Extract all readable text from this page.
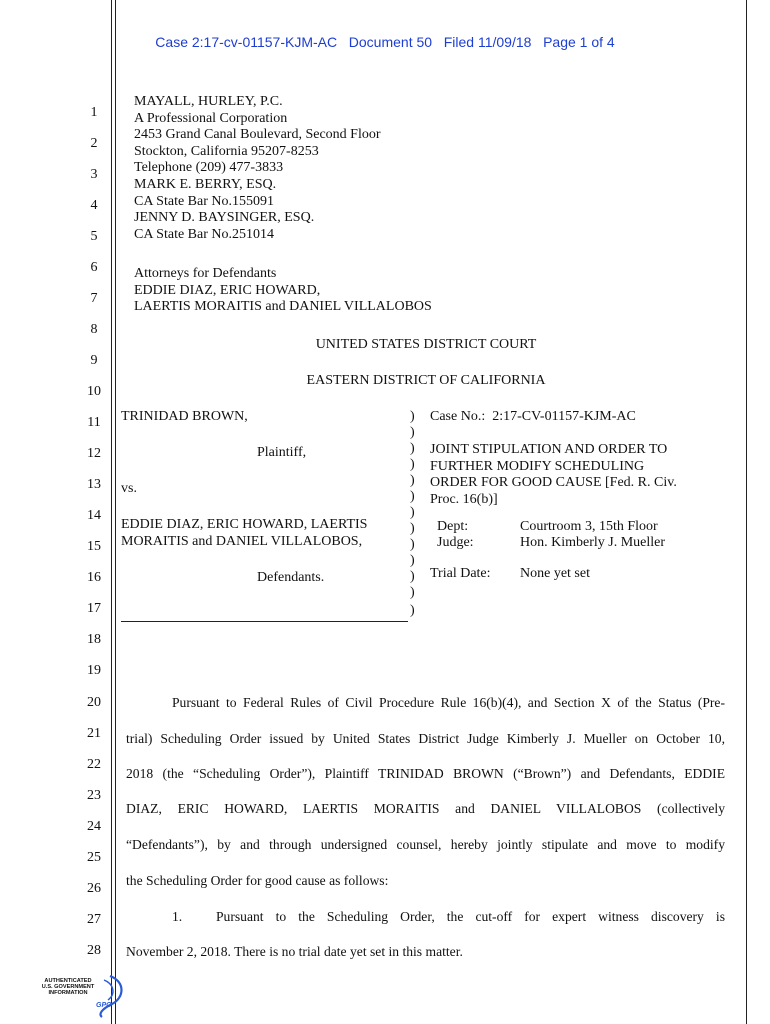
Case 2:17-cv-01157-KJM-AC   Document 50   Filed 11/09/18   Page 1 of 4
1
2
3
4
5
6
7
8
9
10
11
12
13
14
15
16
17
18
19
20
21
22
23
24
25
26
27
28
MAYALL, HURLEY, P.C.
A Professional Corporation
2453 Grand Canal Boulevard, Second Floor
Stockton, California 95207-8253
Telephone (209) 477-3833
MARK E. BERRY, ESQ.
CA State Bar No.155091
JENNY D. BAYSINGER, ESQ.
CA State Bar No.251014
Attorneys for Defendants
EDDIE DIAZ, ERIC HOWARD,
LAERTIS MORAITIS and DANIEL VILLALOBOS
UNITED STATES DISTRICT COURT
EASTERN DISTRICT OF CALIFORNIA
TRINIDAD BROWN,
Plaintiff,
vs.
EDDIE DIAZ, ERIC HOWARD, LAERTIS
MORAITIS and DANIEL VILLALOBOS,
Defendants.
)
)
)
)
)
)
)
)
)
)
)
)
)
Case No.:  2:17-CV-01157-KJM-AC
JOINT STIPULATION AND ORDER TO
FURTHER MODIFY SCHEDULING
ORDER FOR GOOD CAUSE [Fed. R. Civ.
Proc. 16(b)]
Dept:	Courtroom 3, 15th Floor
Judge:	Hon. Kimberly J. Mueller
Trial Date: None yet set
Pursuant to Federal Rules of Civil Procedure Rule 16(b)(4), and Section X of the Status (Pre-
trial) Scheduling Order issued by United States District Judge Kimberly J. Mueller on October 10,
2018 (the “Scheduling Order”), Plaintiff TRINIDAD BROWN (“Brown”) and Defendants, EDDIE
DIAZ, ERIC HOWARD, LAERTIS MORAITIS and DANIEL VILLALOBOS (collectively
“Defendants”), by and through undersigned counsel, hereby jointly stipulate and move to modify
the Scheduling Order for good cause as follows:
1.	Pursuant to the Scheduling Order, the cut-off for expert witness discovery is
November 2, 2018. There is no trial date yet set in this matter.
AUTHENTICATED
U.S. GOVERNMENT
INFORMATION
GPO
